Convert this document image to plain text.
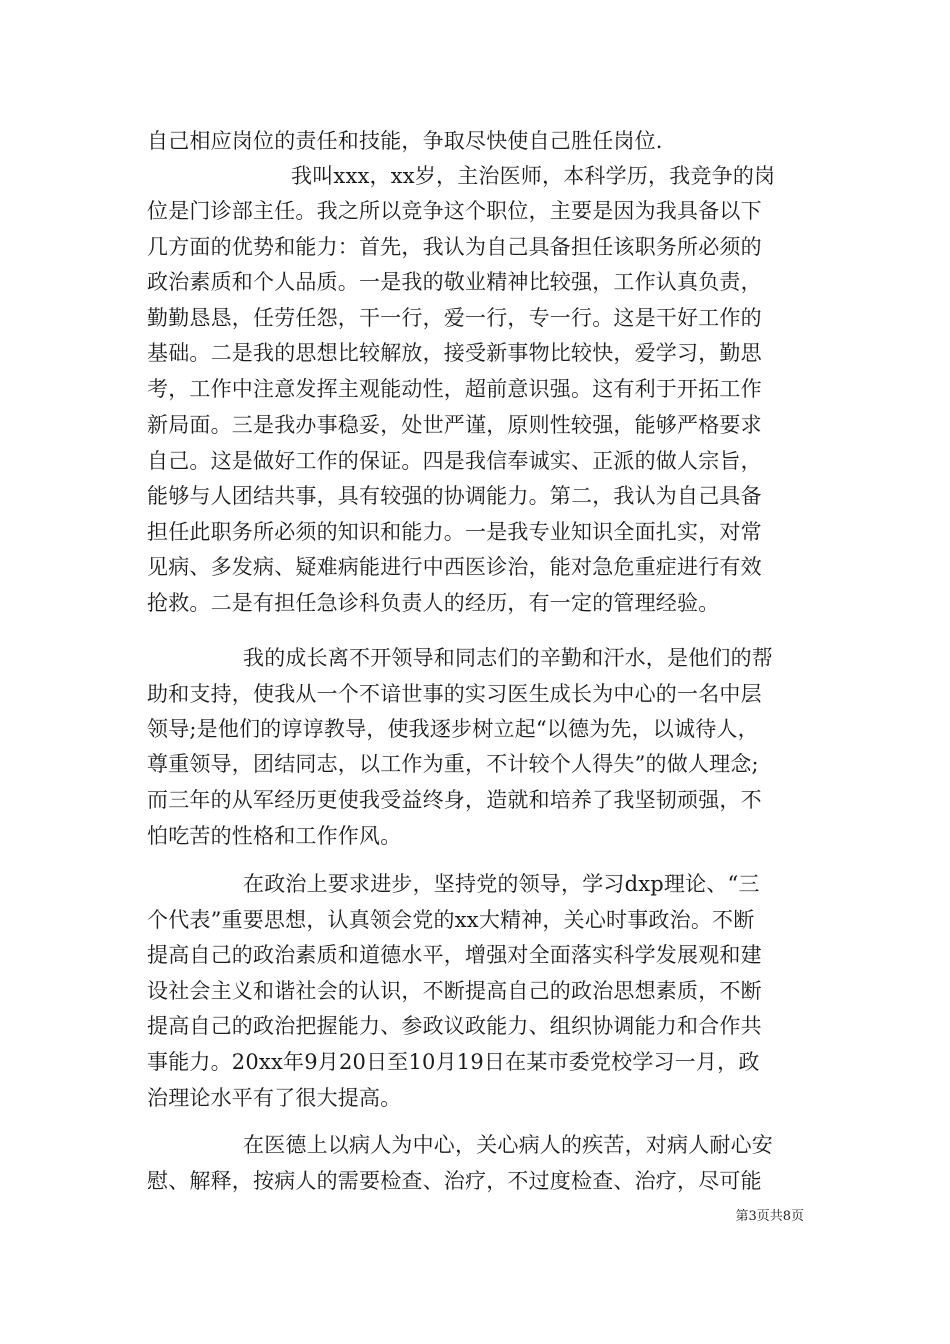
自己相应岗位的责任和技能，争取尽快使自己胜任岗位.
我叫xxx，xx岁，主治医师，本科学历，我竞争的岗
位是门诊部主任。我之所以竞争这个职位，主要是因为我具备以下
几方面的优势和能力：首先，我认为自己具备担任该职务所必须的
政治素质和个人品质。一是我的敬业精神比较强，工作认真负责，
勤勤恳恳，任劳任怨，干一行，爱一行，专一行。这是干好工作的
基础。二是我的思想比较解放，接受新事物比较快，爱学习，勤思
考，工作中注意发挥主观能动性，超前意识强。这有利于开拓工作
新局面。三是我办事稳妥，处世严谨，原则性较强，能够严格要求
自己。这是做好工作的保证。四是我信奉诚实、正派的做人宗旨，
能够与人团结共事，具有较强的协调能力。第二，我认为自己具备
担任此职务所必须的知识和能力。一是我专业知识全面扎实，对常
见病、多发病、疑难病能进行中西医诊治，能对急危重症进行有效
抢救。二是有担任急诊科负责人的经历，有一定的管理经验。
我的成长离不开领导和同志们的辛勤和汗水，是他们的帮
助和支持，使我从一个不谙世事的实习医生成长为中心的一名中层
领导;是他们的谆谆教导，使我逐步树立起“以德为先，以诚待人，
尊重领导，团结同志，以工作为重，不计较个人得失”的做人理念;
而三年的从军经历更使我受益终身，造就和培养了我坚韧顽强，不
怕吃苦的性格和工作作风。
在政治上要求进步，坚持党的领导，学习dxp理论、“三
个代表”重要思想，认真领会党的xx大精神，关心时事政治。不断
提高自己的政治素质和道德水平，增强对全面落实科学发展观和建
设社会主义和谐社会的认识，不断提高自己的政治思想素质，不断
提高自己的政治把握能力、参政议政能力、组织协调能力和合作共
事能力。20xx年9月20日至10月19日在某市委党校学习一月，政
治理论水平有了很大提高。
在医德上以病人为中心，关心病人的疾苦，对病人耐心安
慰、解释，按病人的需要检查、治疗，不过度检查、治疗，尽可能
第3页共8页
